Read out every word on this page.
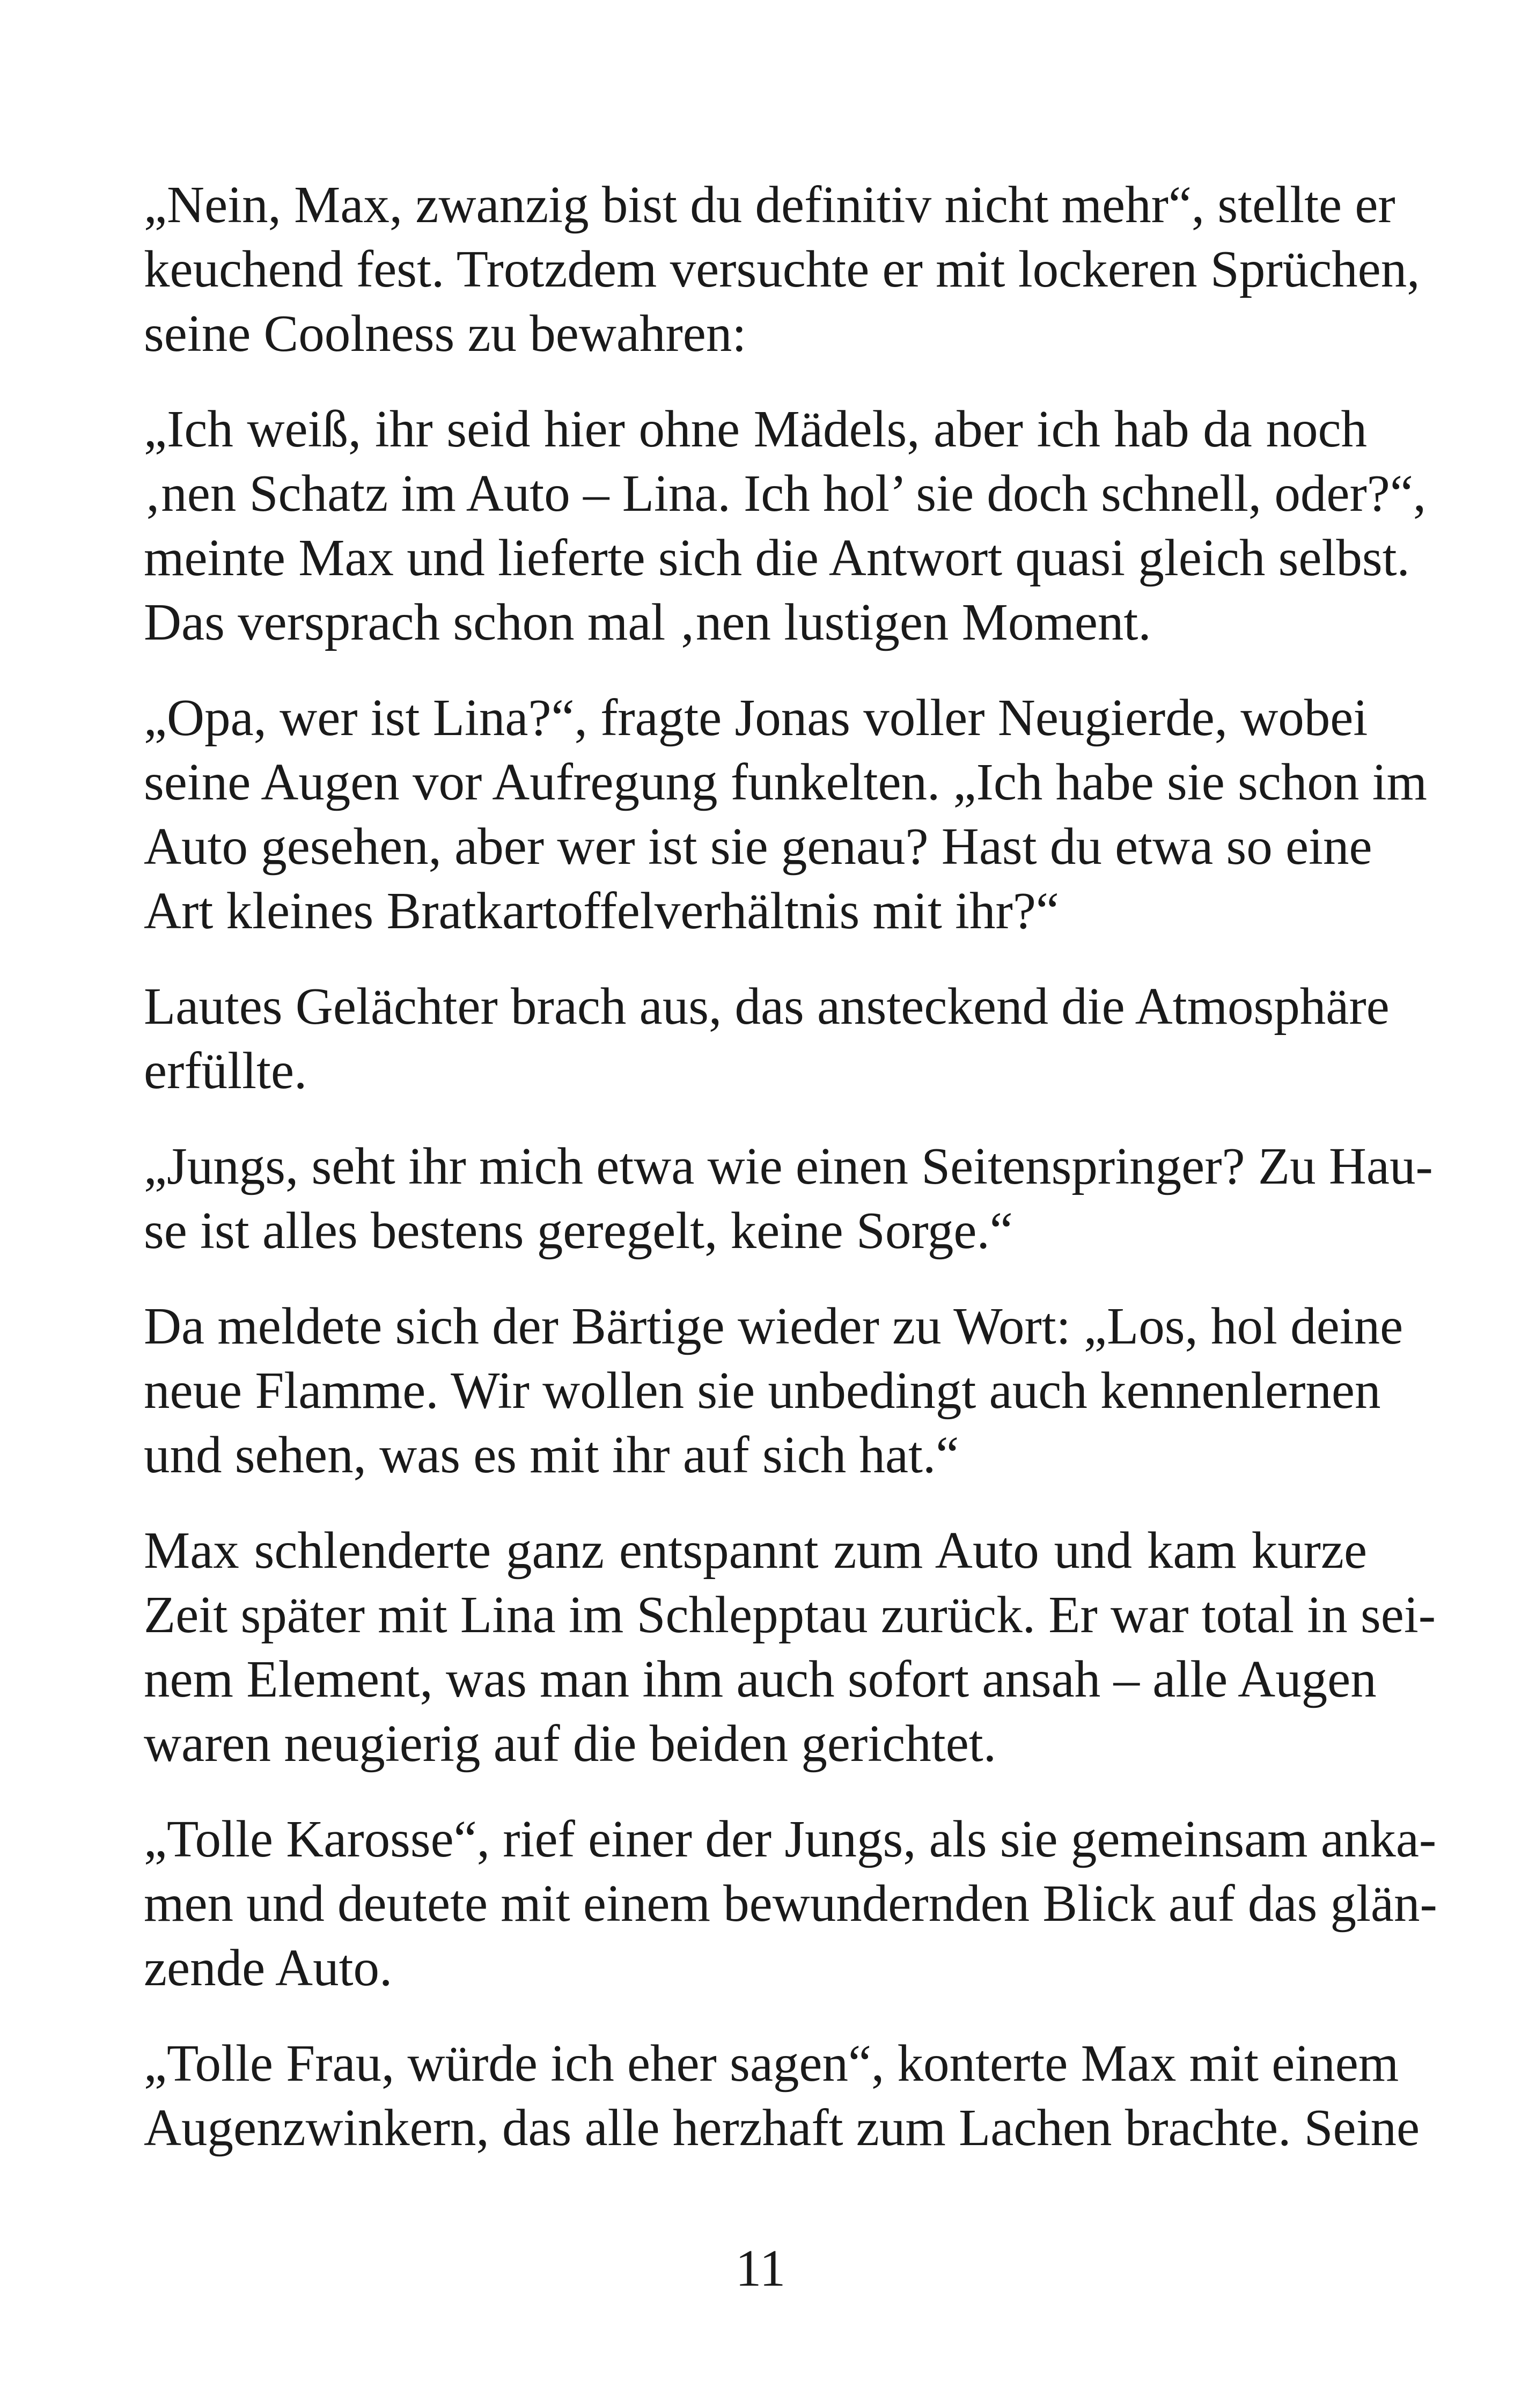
„Nein, Max, zwanzig bist du definitiv nicht mehr“, stellte er
keuchend fest. Trotzdem versuchte er mit lockeren Sprüchen,
seine Coolness zu bewahren:

„Ich weiß, ihr seid hier ohne Mädels, aber ich hab da noch
‚nen Schatz im Auto – Lina. Ich hol’ sie doch schnell, oder?“,
meinte Max und lieferte sich die Antwort quasi gleich selbst.
Das versprach schon mal ‚nen lustigen Moment.

„Opa, wer ist Lina?“, fragte Jonas voller Neugierde, wobei
seine Augen vor Aufregung funkelten. „Ich habe sie schon im
Auto gesehen, aber wer ist sie genau? Hast du etwa so eine
Art kleines Bratkartoffelverhältnis mit ihr?“

Lautes Gelächter brach aus, das ansteckend die Atmosphäre
erfüllte.

„Jungs, seht ihr mich etwa wie einen Seitenspringer? Zu Hau-
se ist alles bestens geregelt, keine Sorge.“

Da meldete sich der Bärtige wieder zu Wort: „Los, hol deine
neue Flamme. Wir wollen sie unbedingt auch kennenlernen
und sehen, was es mit ihr auf sich hat.“

Max schlenderte ganz entspannt zum Auto und kam kurze
Zeit später mit Lina im Schlepptau zurück. Er war total in sei-
nem Element, was man ihm auch sofort ansah – alle Augen
waren neugierig auf die beiden gerichtet.

„Tolle Karosse“, rief einer der Jungs, als sie gemeinsam anka-
men und deutete mit einem bewundernden Blick auf das glän-
zende Auto.

„Tolle Frau, würde ich eher sagen“, konterte Max mit einem
Augenzwinkern, das alle herzhaft zum Lachen brachte. Seine

11
